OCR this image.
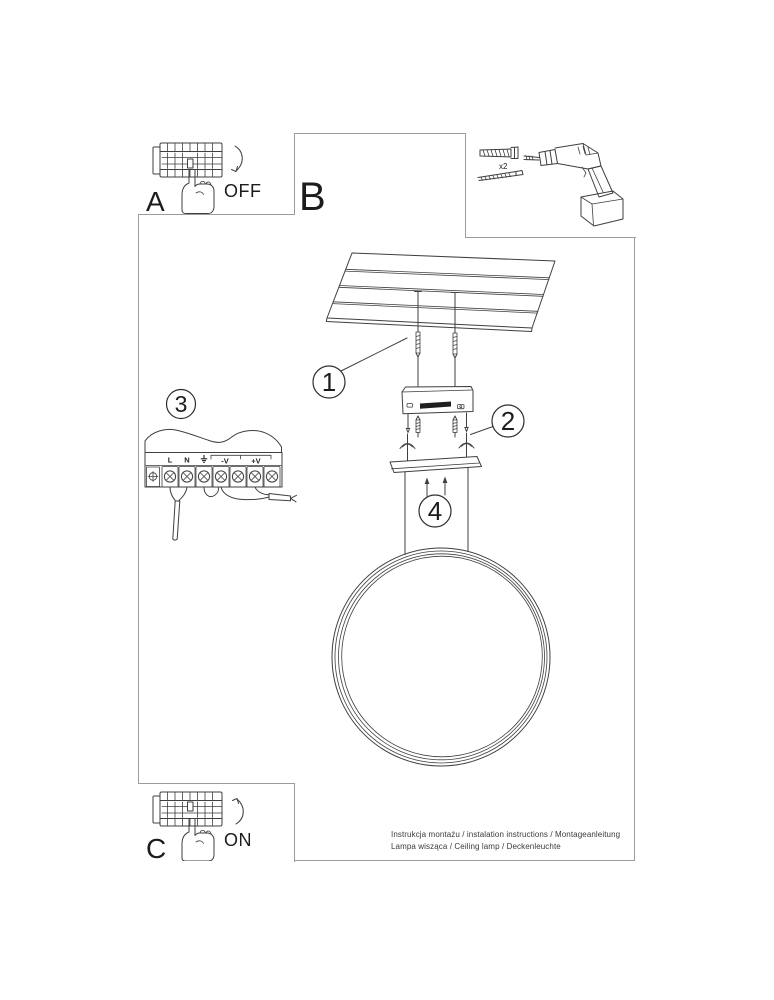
A	OFF B
x2
1
2
4
3
L N	-V	+V
C	ON	Instrukcja montażu / instalation instructions / Montageanleitung
Lampa wisząca / Ceiling lamp / Deckenleuchte
